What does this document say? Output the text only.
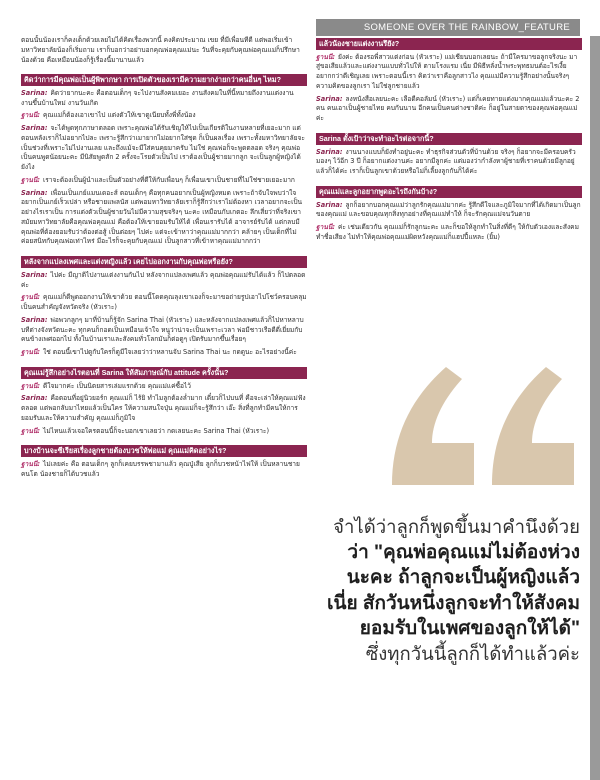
SOMEONE OVER THE RAINBOW_FEATURE

ตอนนั้นน้องเราก็คงเด็กด้วยเลยไม่ได้คิดเรื่องพวกนี้ คงคิดประมาณ เขย ที่มีเพื่อนทีดี แต่พอเริ่มเข้ามหาวิทยาลัยน้องก็เริ่มถาม เราก็บอกว่าอย่าบอกคุณพ่อคุณแม่นะ วันที่จะคุยกับคุณพ่อคุณแม่ก็ปรึกษาน้องด้วย คือเหมือนน้องก็รู้เรื่องนี้มานานแล้ว

คิดว่าการมีคุณพ่อเป็นผู้พิพากษา การเปิดตัวของเรามีความยากง่ายกว่าคนอื่นๆ ไหม?

Sarina: คิดว่ายากนะคะ คือตอนเด็กๆ จะไปงานสังคมเยอะ งานสังคมในที่นี้หมายถึงงานแต่งงาน งานขึ้นบ้านใหม่ งานวันเกิด

ฐานนี: คุณแม่ก็ต้องเอาเขาไป แต่งตัวให้เขาดูเนียบทั้งพี่ทั้งน้อง

Sarina: จะได้พูดทุกภาษาตลอด เพราะคุณพ่อได้รับเชิญให้ไปเป็นเกียรติในงานหลายที่เยอะมาก แต่ตอนหลังเราก็ไม่อยากไปละ เพราะรู้สึกว่าเมายากไม่อยากใส่ชุด ก็เป็นผลเรื่อง เพราะทั้งมหาวิทยาลัยจะเป็นช่วงที่เพราะไม่ไปงานเลย และถึงแม้จะมีใส่คนคุยมาครับ ไม่ใช่ คุณพ่อก็จะพูดตลอด จริงๆ คุณพ่อเป็นคนพูดน้อยนะคะ มีนิสัยพูดสัก 2 ครั้งจะโรยตัวเป็นไป เราต้องเป็นผู้ชายมากลูก จะเป็นลูกผู้หญิงได้ยังไง

ฐานนี: เราจะต้องเป็นผู้นำและเป็นตัวอย่างที่ดีให้กับเพื่อนๆ ก็เพื่อนเขาเป็นชายที่ไม่ใช่ชายเยอะมาก

Sarina: เพื่อนเป็นเกย์แมนเดอะส์ ตอนเด็กๆ คือทุกคนอยากเป็นผู้หญิงหมด เพราะถ้าจับใจพบว่าใจอยากเป็นเกย์เร็วเปล่า หรือชายแพลนัส แต่พอมหาวิทยาลัยเราก็รู้สึกว่าเราไม่ต้องหา เวลาอยากจะเป็นอย่างไรเราเป็น การแต่งตัวเป็นผู้ชายวันไม่มีความสุขจริงๆ นะคะ เหมือนกับเกตอะ ลึกเสี่ยว่าที่จริงเขาสมัยมหาวิทยาลัยคือคุณพ่อคุณแม่ คือต้องให้เขายอมรับให้ได้ เพื่อนเรารับได้ อาจารย์รับได้ แต่กลบมีคุณพ่อที่ต้องยอมรับว่าต้องต่อสู้ เป็นต่อยๆ ไปค่ะ แต่จะเข้าหาว่าคุณแม่มากกว่า คล้ายๆ เป็นเด็กที่ไม่ค่อยสนิทกับคุณพ่อเท่าไหร่ มีอะไรก็จะคุยกับคุณแม่ เป็นลูกสาวที่เข้าหาคุณแม่มากกว่า

หลังจากแปลงเพศและแต่งหญิงแล้ว เคยไปออกงานกับคุณพ่อหรือยัง?

Sarina: ไปค่ะ มีญาติไปงานแต่งงานกันไป หลังจากแปลงเพศแล้ว คุณพ่อคุณแม่รับได้แล้ว ก็ไปตลอดค่ะ

ฐานนี: คุณแม่ก็ดีพูดออกงานให้เขาด้วย ตอนนี้โดดคุณลุงเขาเองก็จะมาขอถ่ายรูปเอาไปโชว์ครอบคลุม เป็นคนสำคัญจังหวัดจริง (หัวเราะ)

Sarina: พ่อพวกลูกๆ มาที่บ้านก็รู้จัก Sarina Thai (หัวเราะ) และหลังจากแปลงเพศแล้วก็ไปหาหลาบบทีต่างจังหวัดนะคะ ทุกคนก็กอดเป็นเหมือนเจ้าใจ หนูว่าน่าจะเป็นเพราะเวลา พ่อมีชาวเรือดีดี่เยี่ยมกับคนข้างเพศออกไป ทั้งในบ้านเราและสังคมทั่วโลกมันก็ต่อดูๆ เปิดรับมากขึ้นเรื่อยๆ

ฐานนี: ใช่ ตอนนี้เขาไปดูกับใครก็ดูมีใจเลยว่าว่าหลานจับ Sarina Thai นะ กดดูนะ อะไรอย่างนี้ค่ะ

คุณแม่รู้สึกอย่างไรตอนที่ Sarina ให้สัมภาษณ์กับ attitude ครั้งนั้น?

ฐานนี: ดีใจมากค่ะ เป็นนิตยสารเล่มแรกด้วย คุณแม่แค่ซื้อไว้

Sarina: คือตอนที่อยู่นิวยอร์ก คุณแม่ก็ ไร้ยิ ทำไมลูกต้องล่ำมาก เดี๋ยวก็ไปบนที่ คือจะเล่าให้คุณแม่ฟังตลอด แต่พอกลับมาไทยแล้วเป็นใคร ให้ความสนใจปุ่น คุณแม่ก็จะรู้สึกว่า เอ๊ะ สิ่งที่ลูกทำมีคนให้การยอมรับและให้ความสำคัญ คุณแม่ก็ภูมิใจ

ฐานนี: ไม่ไหนแล้วเจอใครตอนนี้ก็จะบอกเขาเลยว่า กดเลยนะคะ Sarina Thai (หัวเราะ)

บางบ้านจะซีเรียสเรื่องลูกชายต้องบวชให้พ่อแม่ คุณแม่คิดอย่างไร?

ฐานนี: ไม่เลยค่ะ คือ ตอนเด็กๆ ลูกก็เคยบรรพชามาแล้ว คุณปู่เสีย ลูกก็บวชหน้าไฟให้ เป็นหลานชายคนโต น้องชายก็ได้บวชแล้ว

แล้วน้องชายแต่งงานรึยัง?

ฐานนี: ยังค่ะ ต้องรอพี่สาวแต่งก่อน (หัวเราะ) แม่เชียนบอกเลยนะ ถ้ามีใครมาขอลูกจริงนะ มาสู่ขอเสียแล้วและแต่งงานแบบทั่วไปให้ ตามโรงแรม เนี่ย มีพิธีหลั่งน้ำพระพุทธมนต์อะไรเงี้ย อยากกว่าตีเชิญเลย เพราะตอนนี้เรา คิดว่าเราคือลูกสาวไง คุณแม่มีความรู้สึกอย่างนั้นจริงๆ ความคิดของลูกเรา ไม่ใช่ลูกชายแล้ว

Sarina: ลงหนังสือเลยนะคะ เลือดีคอลัมน์ (หัวเราะ) แต่ก็เคยทายแต่งมากคุณแม่แล้วนะคะ 2 คน คนเอาเป็นผู้ชายไทย คบกันนาน อีกคนเป็นคนต่างชาติค่ะ ก็อยู่ในสายตาของคุณพ่อคุณแม่ค่ะ

Sarina ตั้งเป้าว่าจะทำอะไรต่อจากนี้?

Sarina: งานนางแบบก็ยังทำอยู่นะคะ ทำธุรกิจส่วนตัวที่บ้านด้วย จริงๆ ก็อยากจะมีครอบครัว มองๆ ไว้อีก 3 ปี ก็อยากแต่งงานค่ะ อยากมีลูกค่ะ แต่มองว่ากำลังหาผู้ชายที่เราคนด้วยมีลูกอยู่แล้วก็ได้ค่ะ เราก็เป็นลูกเขาด้วยหรือไม่ก็เลี้ยงลูกกันก็ได้ค่ะ

คุณแม่และลูกอยากพูดอะไรถึงกันบ้าง?

Sarina: ลูกก็อยากบอกคุณแม่ว่าลูกรักคุณแม่มากค่ะ รู้สึกดีใจและภูมิใจมากที่ได้เกิดมาเป็นลูกของคุณแม่ และขอบคุณทุกสิ่งทุกอย่างที่คุณแม่ทำให้ ก็จะรักคุณแม่จนวันตาย

ฐานนี: ค่ะ เช่นเดียวกัน คุณแม่ก็รักลูกนะคะ และก็ขอให้ลูกทำในสิ่งที่ดีๆ ให้กับตัวเองและสังคม ทำชื่อเสียง ไม่ทำให้คุณพ่อคุณแม่ผิดหวังคุณแม่ก็แฮปปี้แหละ (ยิ้ม)

จำได้ว่าลูกก็พูดขึ้นมาคำนึงด้วย
ว่า "คุณพ่อคุณแม่ไม่ต้องห่วง
นะคะ ถ้าลูกจะเป็นผู้หญิงแล้ว
เนี่ย สักวันหนึ่งลูกจะทำให้สังคม
ยอมรับในเพศของลูกให้ได้"
ซึ่งทุกวันนี้ลูกก็ได้ทำแล้วค่ะ
